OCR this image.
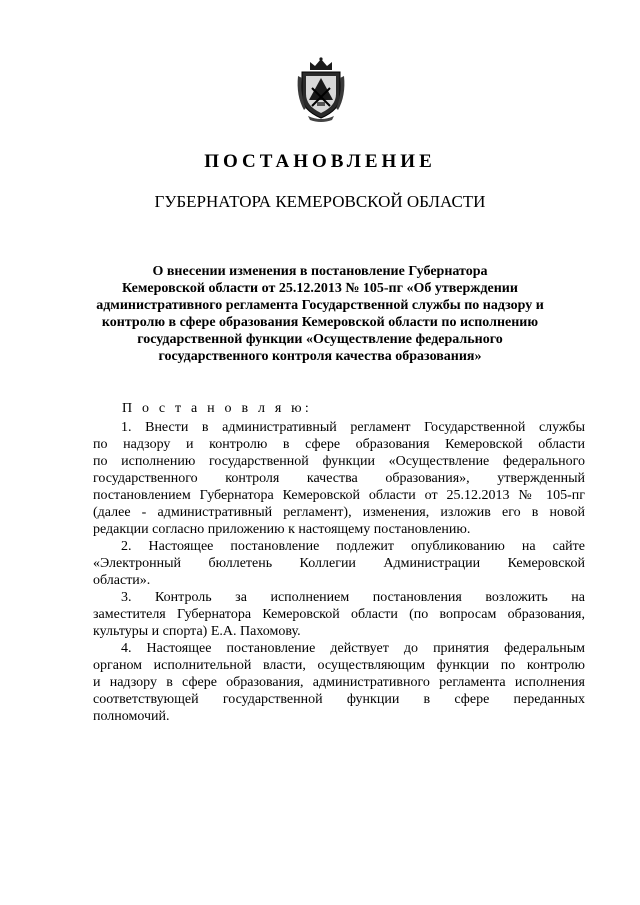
ПОСТАНОВЛЕНИЕ
ГУБЕРНАТОРА КЕМЕРОВСКОЙ ОБЛАСТИ
О внесении изменения в постановление Губернатора
Кемеровской области от 25.12.2013 № 105-пг «Об утверждении
административного регламента Государственной службы по надзору и
контролю в сфере образования Кемеровской области по исполнению
государственной функции «Осуществление федерального
государственного контроля качества образования»
П о с т а н о в л я ю:
1. Внести в административный регламент Государственной службы
по надзору и контролю в сфере образования Кемеровской области
по исполнению государственной функции «Осуществление федерального
государственного контроля качества образования», утвержденный
постановлением Губернатора Кемеровской области от 25.12.2013 № 105-пг
(далее - административный регламент), изменения, изложив его в новой
редакции согласно приложению к настоящему постановлению.
2. Настоящее постановление подлежит опубликованию на сайте
«Электронный бюллетень Коллегии Администрации Кемеровской
области».
3. Контроль за исполнением постановления возложить на
заместителя Губернатора Кемеровской области (по вопросам образования,
культуры и спорта) Е.А. Пахомову.
4. Настоящее постановление действует до принятия федеральным
органом исполнительной власти, осуществляющим функции по контролю
и надзору в сфере образования, административного регламента исполнения
соответствующей государственной функции в сфере переданных
полномочий.
